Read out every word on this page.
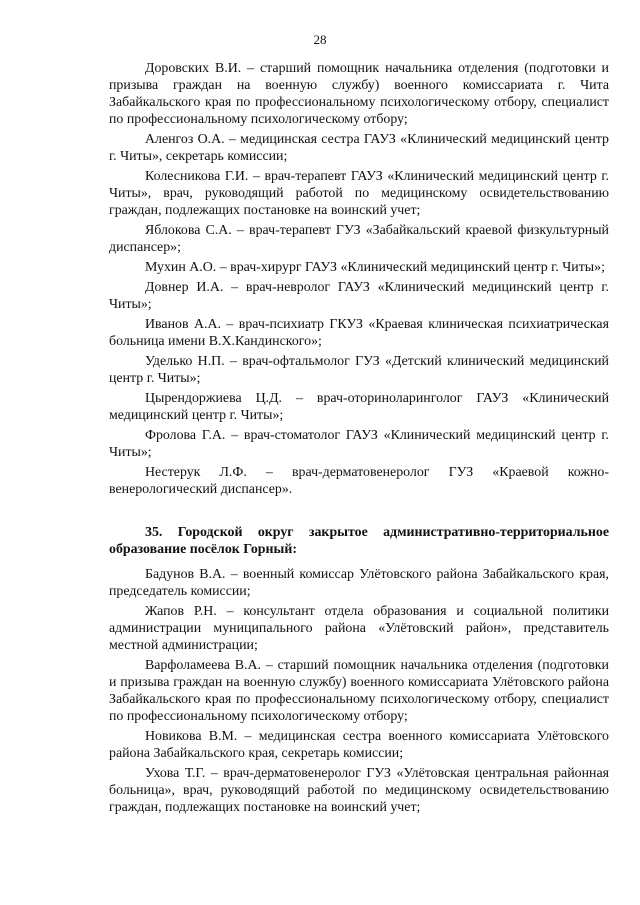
28

Доровских В.И. – старший помощник начальника отделения (подготовки и призыва граждан на военную службу) военного комиссариата г. Чита Забайкальского края по профессиональному психологическому отбору, специалист по профессиональному психологическому отбору;

Аленгоз О.А. – медицинская сестра ГАУЗ «Клинический медицинский центр г. Читы», секретарь комиссии;

Колесникова Г.И. – врач-терапевт ГАУЗ «Клинический медицинский центр г. Читы», врач, руководящий работой по медицинскому освидетельствованию граждан, подлежащих постановке на воинский учет;

Яблокова С.А. – врач-терапевт ГУЗ «Забайкальский краевой физкультурный диспансер»;

Мухин А.О. – врач-хирург ГАУЗ «Клинический медицинский центр г. Читы»;

Довнер И.А. – врач-невролог ГАУЗ «Клинический медицинский центр г. Читы»;

Иванов А.А. – врач-психиатр ГКУЗ «Краевая клиническая психиатрическая больница имени В.Х.Кандинского»;

Уделько Н.П. – врач-офтальмолог ГУЗ «Детский клинический медицинский центр г. Читы»;

Цырендоржиева Ц.Д. – врач-оториноларинголог ГАУЗ «Клинический медицинский центр г. Читы»;

Фролова Г.А. – врач-стоматолог ГАУЗ «Клинический медицинский центр г. Читы»;

Нестерук Л.Ф. – врач-дерматовенеролог ГУЗ «Краевой кожно-венерологический диспансер».

35. Городской округ закрытое административно-территориальное образование посёлок Горный:

Бадунов В.А. – военный комиссар Улётовского района Забайкальского края, председатель комиссии;

Жапов Р.Н. – консультант отдела образования и социальной политики администрации муниципального района «Улётовский район», представитель местной администрации;

Варфоламеева В.А. – старший помощник начальника отделения (подготовки и призыва граждан на военную службу) военного комиссариата Улётовского района Забайкальского края по профессиональному психологическому отбору, специалист по профессиональному психологическому отбору;

Новикова В.М. – медицинская сестра военного комиссариата Улётовского района Забайкальского края, секретарь комиссии;

Ухова Т.Г. – врач-дерматовенеролог ГУЗ «Улётовская центральная районная больница», врач, руководящий работой по медицинскому освидетельствованию граждан, подлежащих постановке на воинский учет;
